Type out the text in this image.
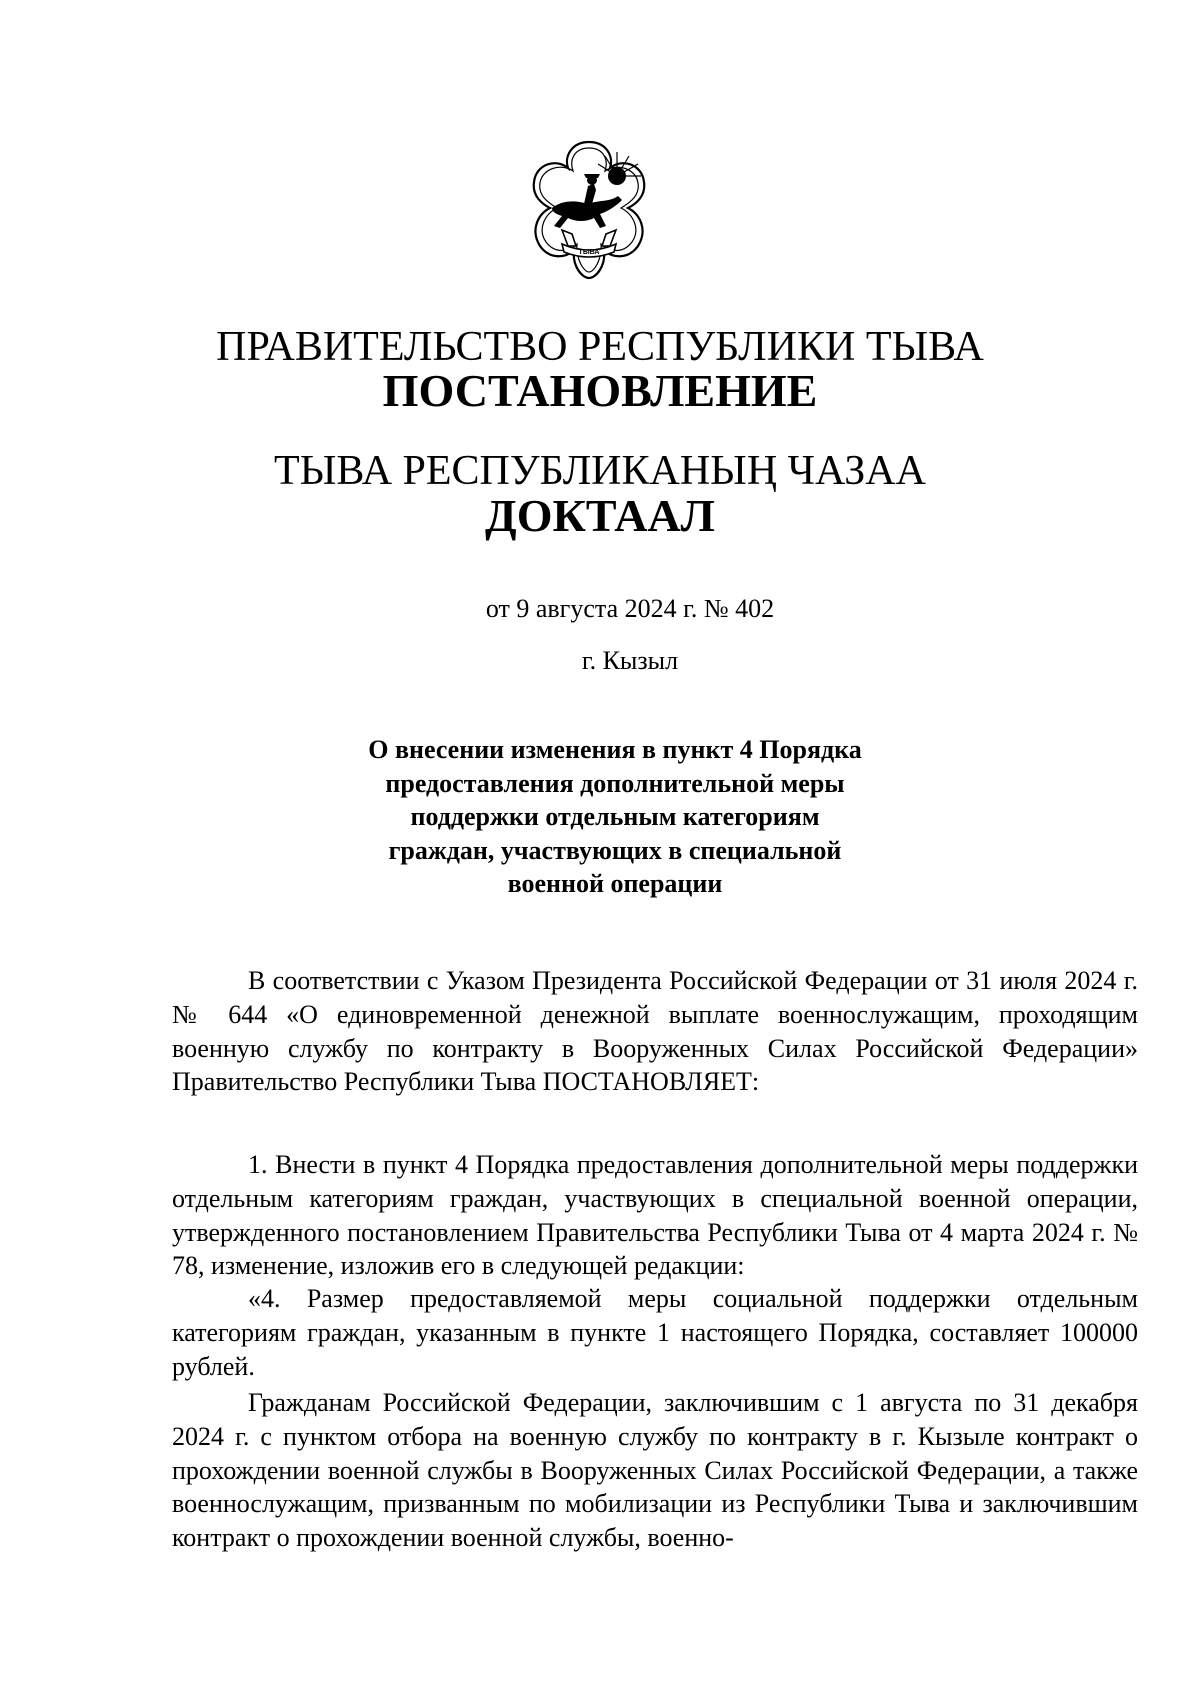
ТЫВА
ПРАВИТЕЛЬСТВО РЕСПУБЛИКИ ТЫВА
ПОСТАНОВЛЕНИЕ
ТЫВА РЕСПУБЛИКАНЫҢ ЧАЗАА
ДОКТААЛ
от 9 августа 2024 г. № 402
г. Кызыл
О внесении изменения в пункт 4 Порядка
предоставления дополнительной меры
поддержки отдельным категориям
граждан, участвующих в специальной
военной операции

В соответствии с Указом Президента Российской Федерации от 31 июля 2024 г. № 644 «О единовременной денежной выплате военнослужащим, проходящим военную службу по контракту в Вооруженных Силах Российской Федерации» Правительство Республики Тыва ПОСТАНОВЛЯЕТ:

1. Внести в пункт 4 Порядка предоставления дополнительной меры поддержки отдельным категориям граждан, участвующих в специальной военной операции, утвержденного постановлением Правительства Республики Тыва от 4 марта 2024 г. № 78, изменение, изложив его в следующей редакции:

«4. Размер предоставляемой меры социальной поддержки отдельным категориям граждан, указанным в пункте 1 настоящего Порядка, составляет 100000 рублей.

Гражданам Российской Федерации, заключившим с 1 августа по 31 декабря 2024 г. с пунктом отбора на военную службу по контракту в г. Кызыле контракт о прохождении военной службы в Вооруженных Силах Российской Федерации, а также военнослужащим, призванным по мобилизации из Республики Тыва и заключившим контракт о прохождении военной службы, военно-
